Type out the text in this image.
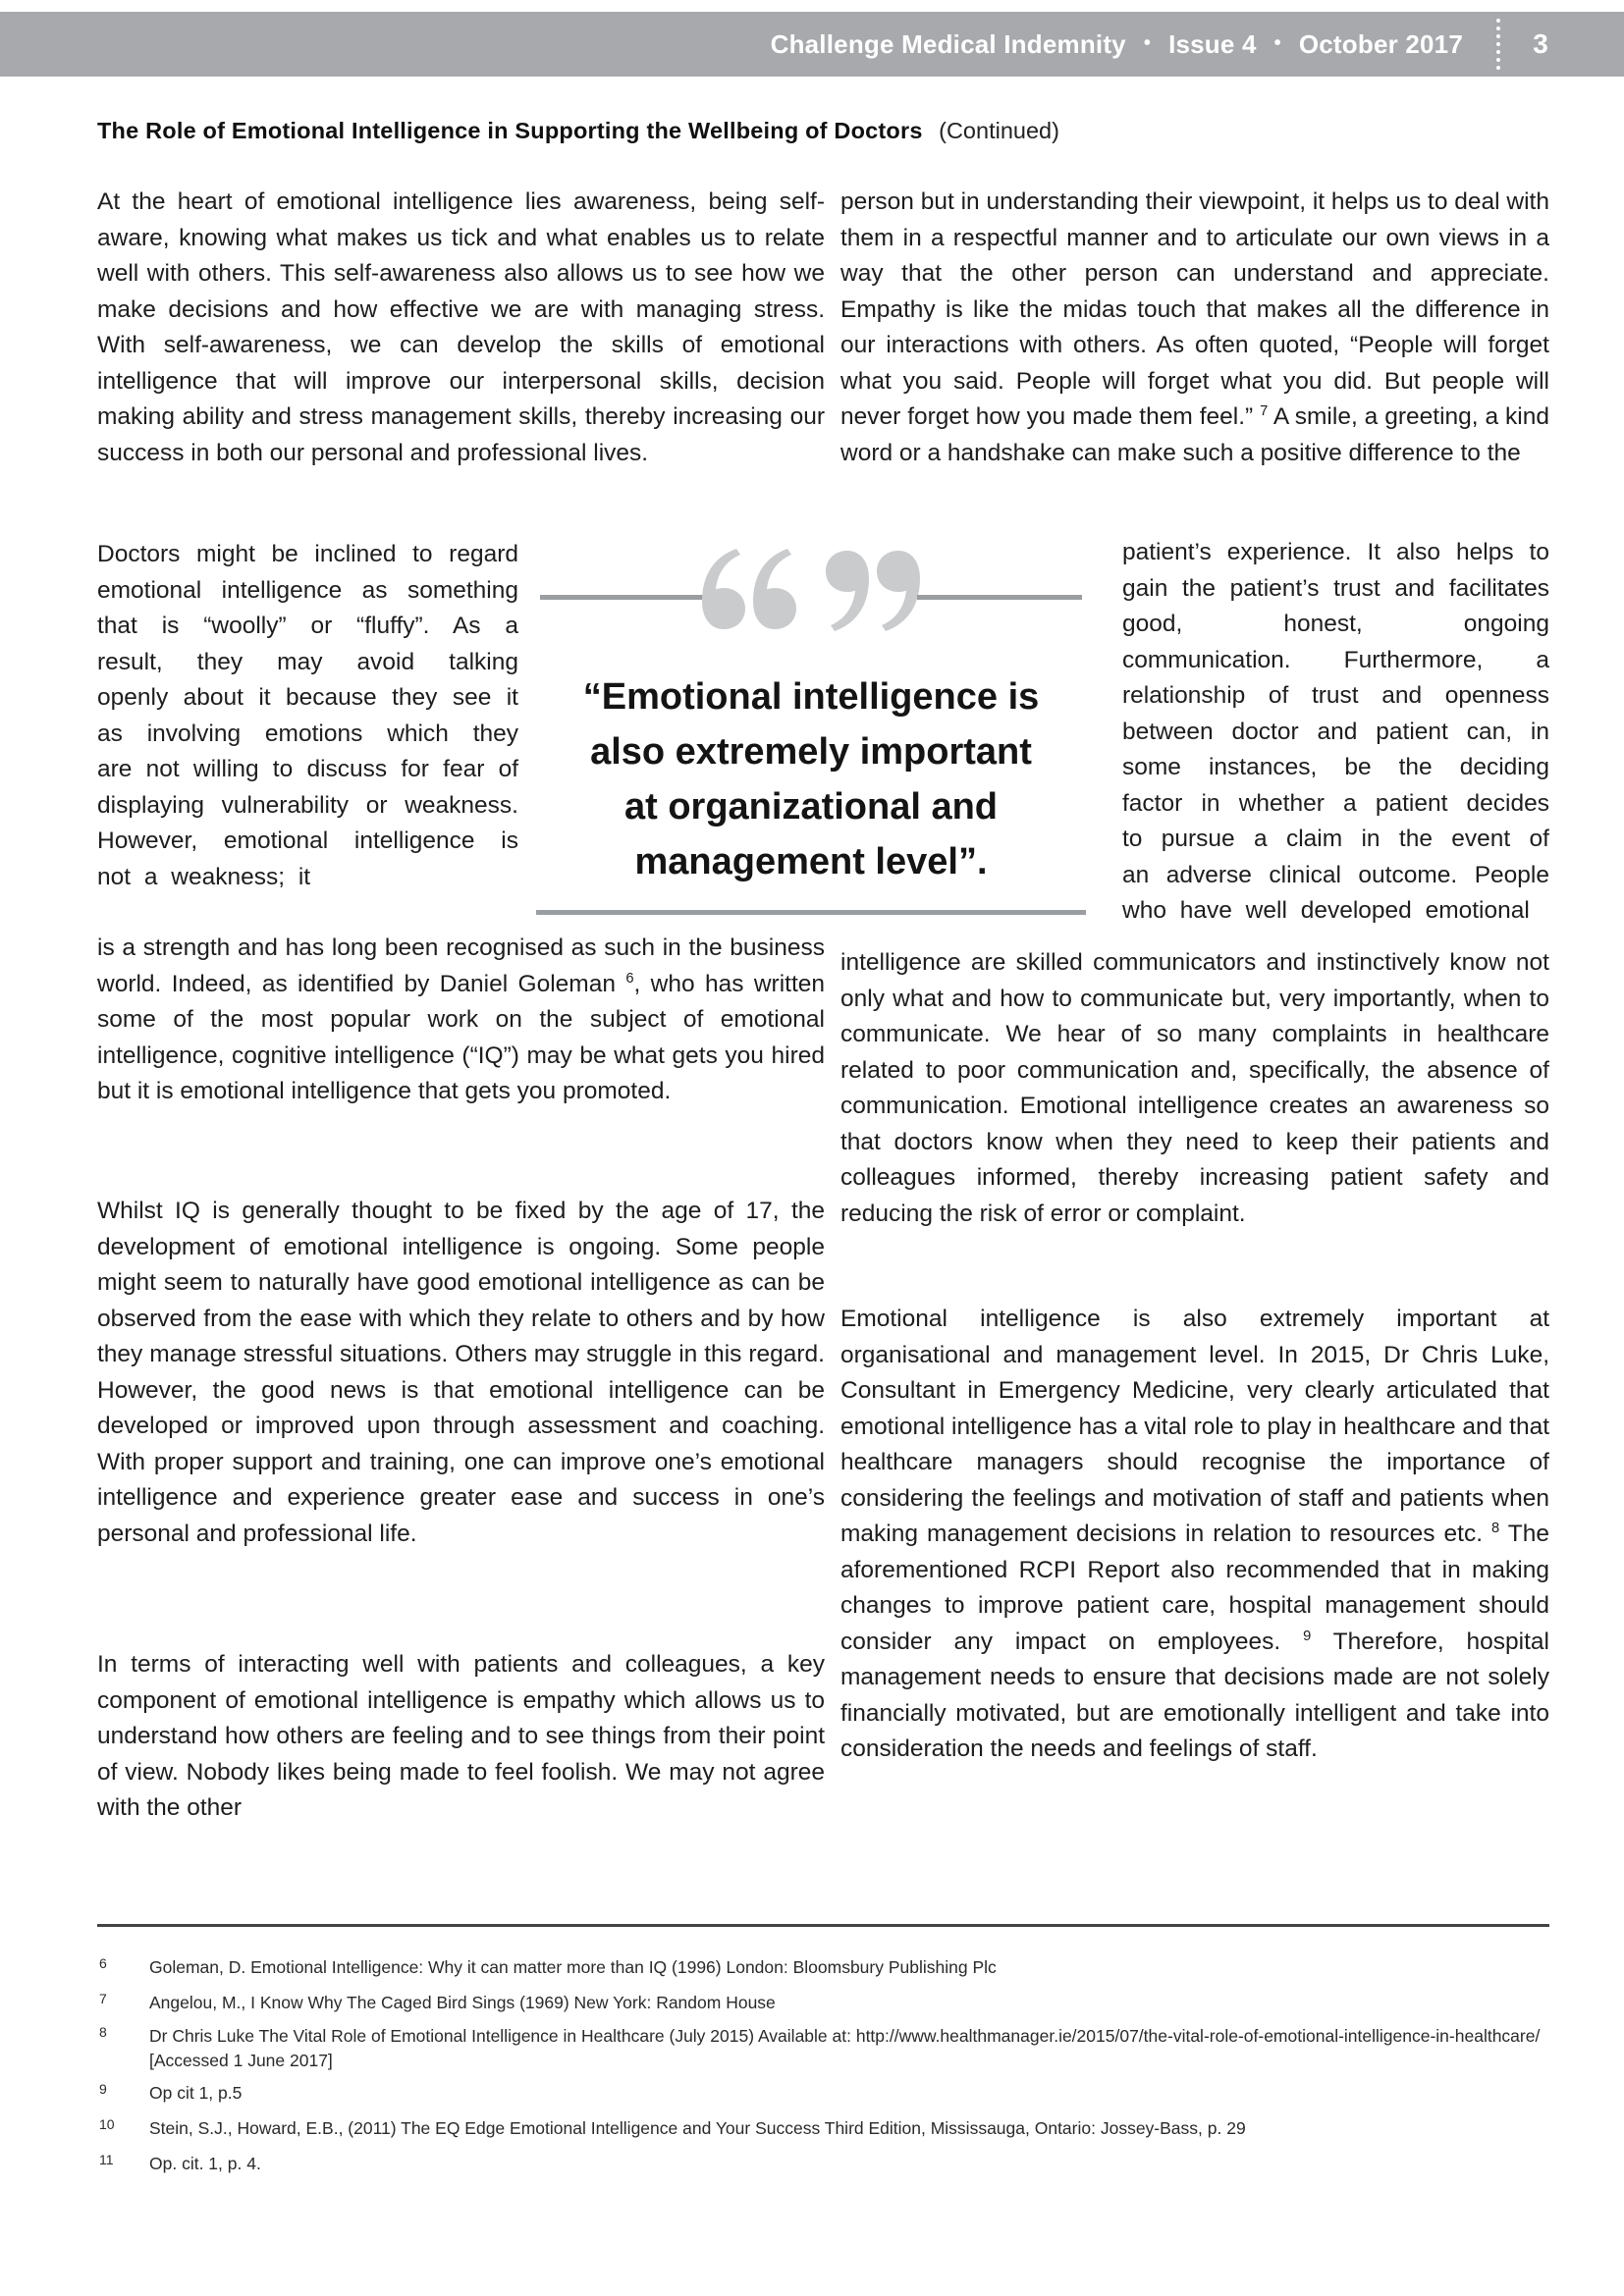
Challenge Medical Indemnity • Issue 4 • October 2017	3
The Role of Emotional Intelligence in Supporting the Wellbeing of Doctors (Continued)
At the heart of emotional intelligence lies awareness, being self-aware, knowing what makes us tick and what enables us to relate well with others. This self-awareness also allows us to see how we make decisions and how effective we are with managing stress. With self-awareness, we can develop the skills of emotional intelligence that will improve our interpersonal skills, decision making ability and stress management skills, thereby increasing our success in both our personal and professional lives.
Doctors might be inclined to regard emotional intelligence as something that is “woolly” or “fluffy”. As a result, they may avoid talking openly about it because they see it as involving emotions which they are not willing to discuss for fear of displaying vulnerability or weakness. However, emotional intelligence is not a weakness; it
is a strength and has long been recognised as such in the business world. Indeed, as identified by Daniel Goleman $^6$, who has written some of the most popular work on the subject of emotional intelligence, cognitive intelligence (“IQ”) may be what gets you hired but it is emotional intelligence that gets you promoted.
Whilst IQ is generally thought to be fixed by the age of 17, the development of emotional intelligence is ongoing. Some people might seem to naturally have good emotional intelligence as can be observed from the ease with which they relate to others and by how they manage stressful situations. Others may struggle in this regard. However, the good news is that emotional intelligence can be developed or improved upon through assessment and coaching. With proper support and training, one can improve one’s emotional intelligence and experience greater ease and success in one’s personal and professional life.
In terms of interacting well with patients and colleagues, a key component of emotional intelligence is empathy which allows us to understand how others are feeling and to see things from their point of view. Nobody likes being made to feel foolish. We may not agree with the other
person but in understanding their viewpoint, it helps us to deal with them in a respectful manner and to articulate our own views in a way that the other person can understand and appreciate. Empathy is like the midas touch that makes all the difference in our interactions with others. As often quoted, “People will forget what you said. People will forget what you did. But people will never forget how you made them feel.” $^7$ A smile, a greeting, a kind word or a handshake can make such a positive difference to the
patient’s experience. It also helps to gain the patient’s trust and facilitates good, honest, ongoing communication. Furthermore, a relationship of trust and openness between doctor and patient can, in some instances, be the deciding factor in whether a patient decides to pursue a claim in the event of an adverse clinical outcome. People who have well developed emotional
intelligence are skilled communicators and instinctively know not only what and how to communicate but, very importantly, when to communicate. We hear of so many complaints in healthcare related to poor communication and, specifically, the absence of communication. Emotional intelligence creates an awareness so that doctors know when they need to keep their patients and colleagues informed, thereby increasing patient safety and reducing the risk of error or complaint.
Emotional intelligence is also extremely important at organisational and management level. In 2015, Dr Chris Luke, Consultant in Emergency Medicine, very clearly articulated that emotional intelligence has a vital role to play in healthcare and that healthcare managers should recognise the importance of considering the feelings and motivation of staff and patients when making management decisions in relation to resources etc. $^8$ The aforementioned RCPI Report also recommended that in making changes to improve patient care, hospital management should consider any impact on employees. $^9$ Therefore, hospital management needs to ensure that decisions made are not solely financially motivated, but are emotionally intelligent and take into consideration the needs and feelings of staff.
“Emotional intelligence is
also extremely important
at organizational and
management level”.
6 Goleman, D. Emotional Intelligence: Why it can matter more than IQ (1996) London: Bloomsbury Publishing Plc
7 Angelou, M., I Know Why The Caged Bird Sings (1969) New York: Random House
8 Dr Chris Luke The Vital Role of Emotional Intelligence in Healthcare (July 2015) Available at: http://www.healthmanager.ie/2015/07/the-vital-role-of-emotional-intelligence-in-healthcare/ [Accessed 1 June 2017]
9 Op cit 1, p.5
10 Stein, S.J., Howard, E.B., (2011) The EQ Edge Emotional Intelligence and Your Success Third Edition, Mississauga, Ontario: Jossey-Bass, p. 29
11 Op. cit. 1, p. 4.
